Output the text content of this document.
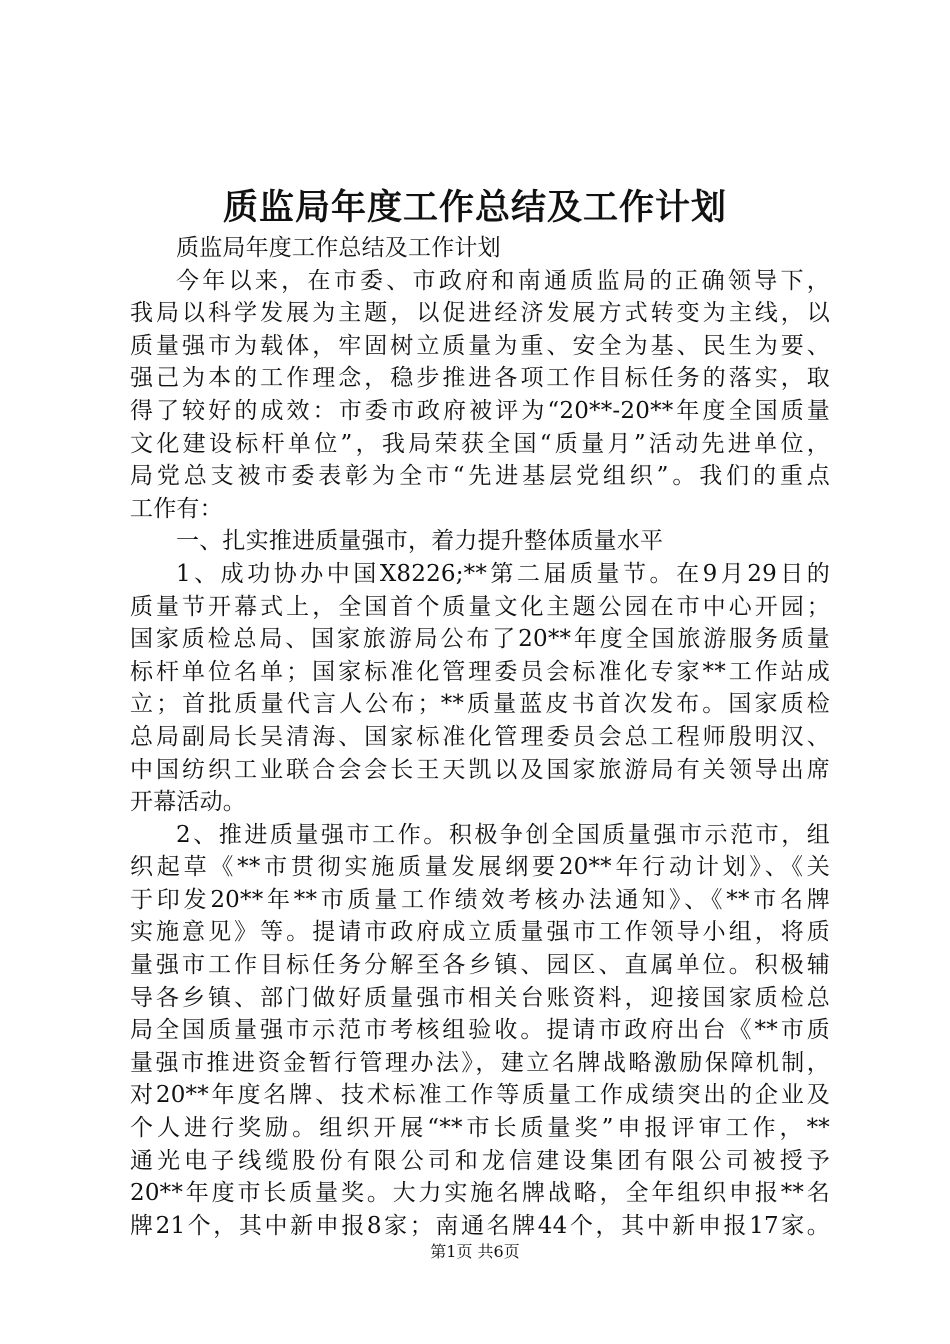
质监局年度工作总结及工作计划
质监局年度工作总结及工作计划
今年以来，在市委、市政府和南通质监局的正确领导下，
我局以科学发展为主题，以促进经济发展方式转变为主线，以
质量强市为载体，牢固树立质量为重、安全为基、民生为要、
强己为本的工作理念，稳步推进各项工作目标任务的落实，取
得了较好的成效：市委市政府被评为“20**-20**年度全国质量
文化建设标杆单位”，我局荣获全国“质量月”活动先进单位，
局党总支被市委表彰为全市“先进基层党组织”。我们的重点
工作有：
一、扎实推进质量强市，着力提升整体质量水平
1、成功协办中国X8226;**第二届质量节。在9月29日的
质量节开幕式上，全国首个质量文化主题公园在市中心开园；
国家质检总局、国家旅游局公布了20**年度全国旅游服务质量
标杆单位名单；国家标准化管理委员会标准化专家**工作站成
立；首批质量代言人公布；**质量蓝皮书首次发布。国家质检
总局副局长吴清海、国家标准化管理委员会总工程师殷明汉、
中国纺织工业联合会会长王天凯以及国家旅游局有关领导出席
开幕活动。
2、推进质量强市工作。积极争创全国质量强市示范市，组
织起草《**市贯彻实施质量发展纲要20**年行动计划》、《关
于印发20**年**市质量工作绩效考核办法通知》、《**市名牌
实施意见》等。提请市政府成立质量强市工作领导小组，将质
量强市工作目标任务分解至各乡镇、园区、直属单位。积极辅
导各乡镇、部门做好质量强市相关台账资料，迎接国家质检总
局全国质量强市示范市考核组验收。提请市政府出台《**市质
量强市推进资金暂行管理办法》，建立名牌战略激励保障机制，
对20**年度名牌、技术标准工作等质量工作成绩突出的企业及
个人进行奖励。组织开展“**市长质量奖”申报评审工作，**
通光电子线缆股份有限公司和龙信建设集团有限公司被授予
20**年度市长质量奖。大力实施名牌战略，全年组织申报**名
牌21个，其中新申报8家；南通名牌44个，其中新申报17家。
第1页 共6页
